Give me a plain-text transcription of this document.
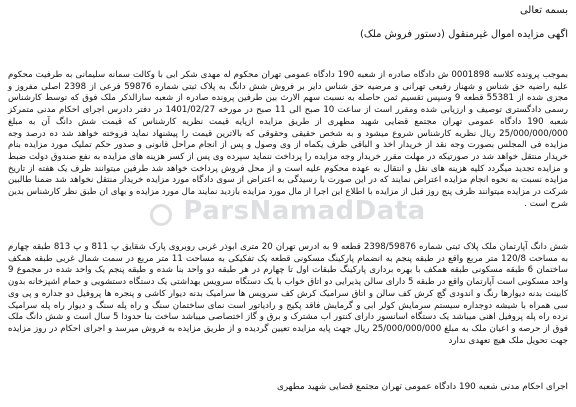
بسمه تعالی

اگهی مزایده اموال غیرمنقول (دستور فروش ملک)

بموجب پرونده کلاسه 0001898 ش دادگاه صادره از شعبه 190 دادگاه عمومی تهران محکوم له مهدی شکر ابی با وکالت سمانه سلیمانی به طرفیت محکوم علیه راضیه حق شناس و شهناز رفیعی تهرانی و مرضیه حق شناس دایر بر فروش شش دانگ به پلاک ثبتی شماره 59876 فرعی از 2398 اصلی مفروز و مجزی شده از 55381 قطعه 9 وسپس تقسیم ثمن حاصله به نسبت سهم الارث بین طرفین پرونده صادره از شعبه سازالذکر ملک فوق که توسط کارشناس رسمی دادگستری توصیف و ارزیابی شده ومقرر است از ساعت 10 صبح الی 11 صبح در مورخه 1401/02/27 در دفتر دادرس اجرای احکام مدنی متمرکز شعبه 190 دادگاه عمومی تهران مجتمع قضایی شهید مطهری از طریق مزایده ازپایه قیمت نظریه کارشناس که قیمت شش دانگ آن به مبلغ 25/000/000/000 ریال نظریه کارشناس شروع میشود و به شخص حقیقی وحقوقی که بالاترین قیمت را پیشنهاد نماید فروخته خواهد شد ده درصد وجه مزایده فی المجلس بصورت وجه نقد از خریدار اخذ و الباقی ظرف یکماه از وی وصول و پس از انجام مراحل قانونی و صدور حکم تملیک مورد مزایده بنام خریدار منتقل خواهد شد در صورتیکه در مهلت مقرر خریدار وجه مزایده را پرداخت ننماید سپرده وی پس از کسر هزینه های مزایده به نفع صندوق دولت ضبط و مزایده تجدید میگردد کلیه هزینه های نقل و انتقال به عهده محکوم علیه است و از محل فروش پرداخت خواهد شد طرفین میتوانند ظرف یک هفته از تاریخ مزایده نسبت به نحوه انجام مزایده اعتراض نمایند که در این صورت با رسیدگی به اعتراض از سوی دادگاه مورد مزایده خریدار منتقل نخواهد شد ضمنا طالبین شرکت در مزایده میتوانند ظرف پنج روز قبل از مزایده با اطلاع این اجرا از مال مورد مزایده بازدید نمایند مال مورد مزایده و بهای ان طبق نظر کارشناس بدین شرح است .

شش دانگ آپارتمان ملک پلاک ثبتی شماره 2398/59876 قطعه 9 به ادرس تهران 20 متری ابوذر غربی روبروی پارک شقایق پ 811 و پ 813 طبقه چهارم به مساحت 120/8 متر مربع واقع در طبقه پنجم به انضمام پارکینگ مسکونی قطعه یک تفکیکی به مساحت 11 متر مربع در سمت شمال غربی طبقه همکف ساختمان 6 طبقه مسکونی طبقه همکف با بهره برداری پارکینگ طبقات اول تا چهارم در هر طبقه دو واحد بنا شده و طبقه پنجم یک واحد شده در مجموع 9 واحد مسکونی است آپارتمان واقع در طبقه 5 دارای سالن پذیرایی دو اتاق خواب با یک دستگاه سرویس بهداشتی یک دستگاه دستشویی و حمام اشپزخانه بدون کابینت بدنه دیوارها رنگ و اندودی گچ کرش کف سالن و اتاق سرامیک کرش کف سرویس ها سرامیک بدنه دیوار کاشی و پنجره ها پروفیل دو جداره و پی وی سی همراه با شیشه دوجداره سیستم سرمایش کولر ابی و گرمایش فاقد پکیج و رادیاتور است نمای ساختمان سنگ و راه پله سنگ و دیوار راه پله سرامیک نرده راه پله پروفیل اهنی میباشد یک دستگاه اسانسور دارای کنتور اب مشترک و برق و گاز اختصاصی میباشد ساخت بنا حدودا 5 سال است و شش دانگ ملک فوق از حرصه و اعیان ملک به مبلغ 25/000/000/000 ریال جهت پایه مزایده تعیین گردیده و از طریق مزایده به فروش میرسد و اجرای احکام در روز مزایده جهت تحویل ملک هیچ تعهدی ندارد

اجرای احکام مدنی شعبه 190 دادگاه عمومی تهران مجتمع قضایی شهید مطهری
ParsNamadData
